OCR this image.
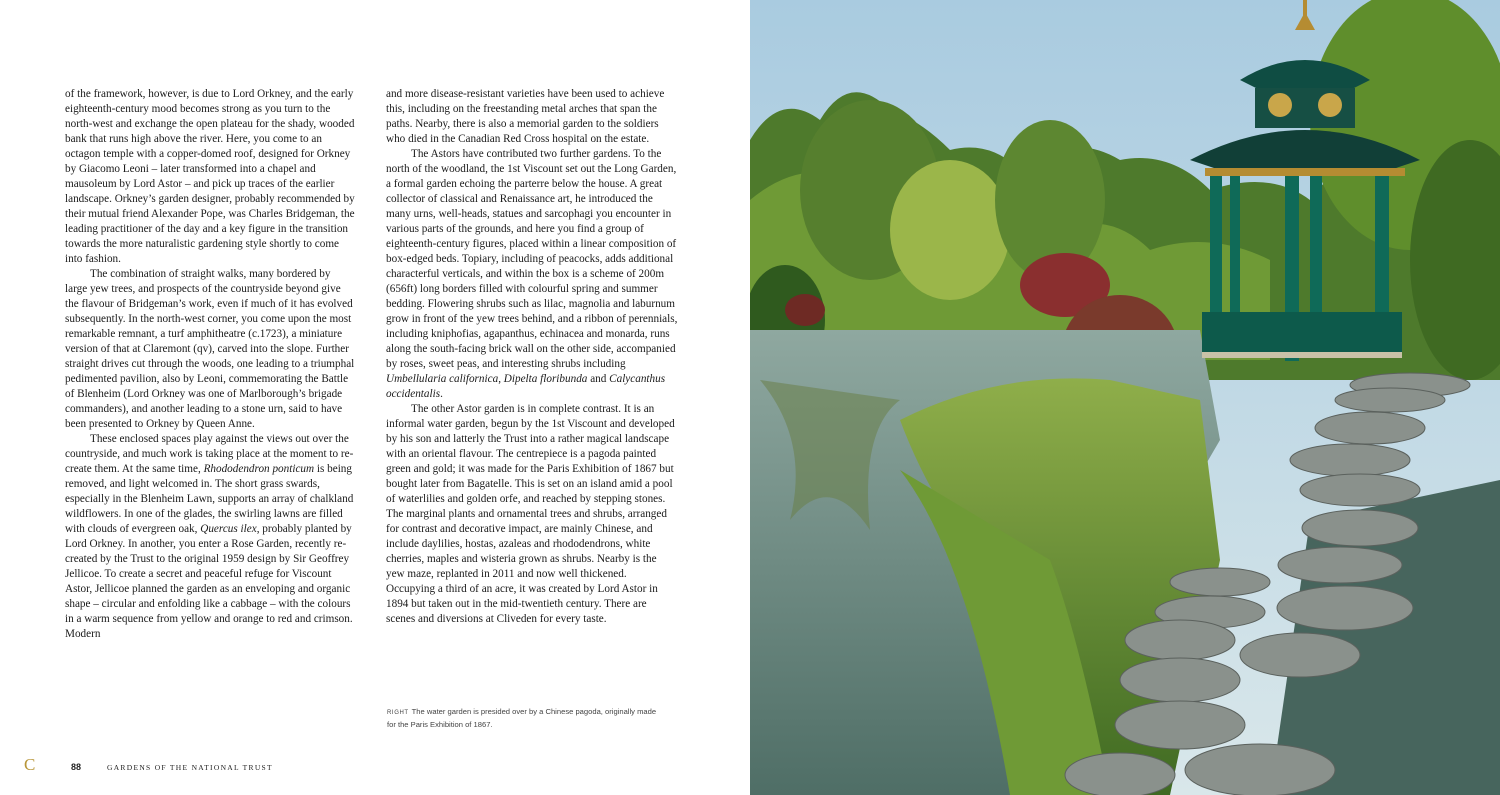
of the framework, however, is due to Lord Orkney, and the early eighteenth-century mood becomes strong as you turn to the north-west and exchange the open plateau for the shady, wooded bank that runs high above the river. Here, you come to an octagon temple with a copper-domed roof, designed for Orkney by Giacomo Leoni – later transformed into a chapel and mausoleum by Lord Astor – and pick up traces of the earlier landscape. Orkney’s garden designer, probably recommended by their mutual friend Alexander Pope, was Charles Bridgeman, the leading practitioner of the day and a key figure in the transition towards the more naturalistic gardening style shortly to come into fashion.

The combination of straight walks, many bordered by large yew trees, and prospects of the countryside beyond give the flavour of Bridgeman’s work, even if much of it has evolved subsequently. In the north-west corner, you come upon the most remarkable remnant, a turf amphitheatre (c.1723), a miniature version of that at Claremont (qv), carved into the slope. Further straight drives cut through the woods, one leading to a triumphal pedimented pavilion, also by Leoni, commemorating the Battle of Blenheim (Lord Orkney was one of Marlborough’s brigade commanders), and another leading to a stone urn, said to have been presented to Orkney by Queen Anne.

These enclosed spaces play against the views out over the countryside, and much work is taking place at the moment to re-create them. At the same time, Rhododendron ponticum is being removed, and light welcomed in. The short grass swards, especially in the Blenheim Lawn, supports an array of chalkland wildflowers. In one of the glades, the swirling lawns are filled with clouds of evergreen oak, Quercus ilex, probably planted by Lord Orkney. In another, you enter a Rose Garden, recently re-created by the Trust to the original 1959 design by Sir Geoffrey Jellicoe. To create a secret and peaceful refuge for Viscount Astor, Jellicoe planned the garden as an enveloping and organic shape – circular and enfolding like a cabbage – with the colours in a warm sequence from yellow and orange to red and crimson. Modern

and more disease-resistant varieties have been used to achieve this, including on the freestanding metal arches that span the paths. Nearby, there is also a memorial garden to the soldiers who died in the Canadian Red Cross hospital on the estate.

The Astors have contributed two further gardens. To the north of the woodland, the 1st Viscount set out the Long Garden, a formal garden echoing the parterre below the house. A great collector of classical and Renaissance art, he introduced the many urns, well-heads, statues and sarcophagi you encounter in various parts of the grounds, and here you find a group of eighteenth-century figures, placed within a linear composition of box-edged beds. Topiary, including of peacocks, adds additional characterful verticals, and within the box is a scheme of 200m (656ft) long borders filled with colourful spring and summer bedding. Flowering shrubs such as lilac, magnolia and laburnum grow in front of the yew trees behind, and a ribbon of perennials, including kniphofias, agapanthus, echinacea and monarda, runs along the south-facing brick wall on the other side, accompanied by roses, sweet peas, and interesting shrubs including Umbellularia californica, Dipelta floribunda and Calycanthus occidentalis.

The other Astor garden is in complete contrast. It is an informal water garden, begun by the 1st Viscount and developed by his son and latterly the Trust into a rather magical landscape with an oriental flavour. The centrepiece is a pagoda painted green and gold; it was made for the Paris Exhibition of 1867 but bought later from Bagatelle. This is set on an island amid a pool of waterlilies and golden orfe, and reached by stepping stones. The marginal plants and ornamental trees and shrubs, arranged for contrast and decorative impact, are mainly Chinese, and include daylilies, hostas, azaleas and rhododendrons, white cherries, maples and wisteria grown as shrubs. Nearby is the yew maze, replanted in 2011 and now well thickened. Occupying a third of an acre, it was created by Lord Astor in 1894 but taken out in the mid-twentieth century. There are scenes and diversions at Cliveden for every taste.

RIGHT The water garden is presided over by a Chinese pagoda, originally made for the Paris Exhibition of 1867.
C	88	GARDENS OF THE NATIONAL TRUST
